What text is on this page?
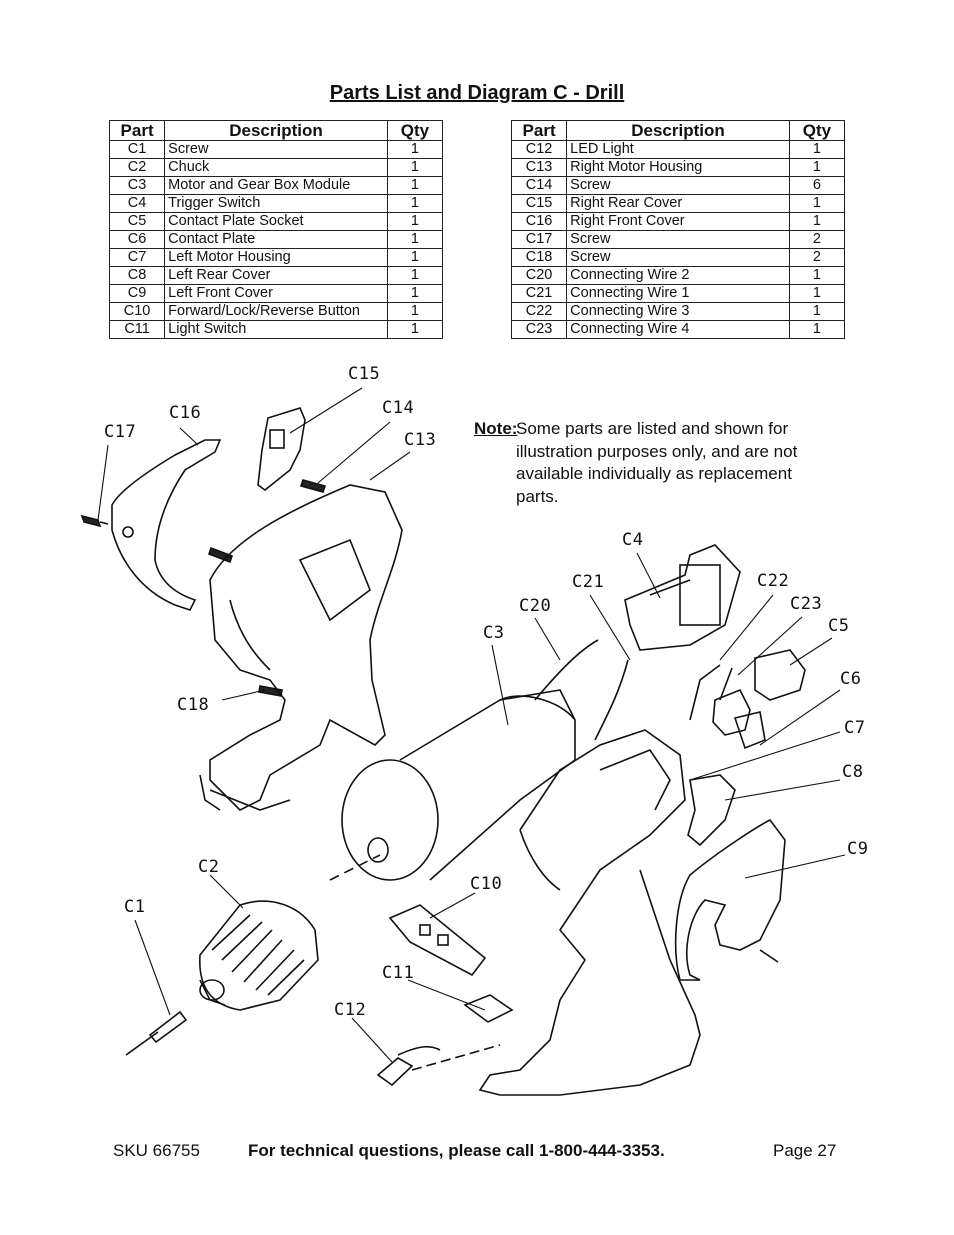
Parts List and Diagram C - Drill
Part	Description	Qty
C1	Screw	1
C2	Chuck	1
C3	Motor and Gear Box Module	1
C4	Trigger Switch	1
C5	Contact Plate Socket	1
C6	Contact Plate	1
C7	Left Motor Housing	1
C8	Left Rear Cover	1
C9	Left Front Cover	1
C10	Forward/Lock/Reverse Button	1
C11	Light Switch	1
Part	Description	Qty
C12	LED Light	1
C13	Right Motor Housing	1
C14	Screw	6
C15	Right Rear Cover	1
C16	Right Front Cover	1
C17	Screw	2
C18	Screw	2
C20	Connecting Wire 2	1
C21	Connecting Wire 1	1
C22	Connecting Wire 3	1
C23	Connecting Wire 4	1
Note:
Some parts are listed and shown for illustration purposes only, and are not available individually as replacement parts.
C1
C2
C3
C4
C5
C6
C7
C8
C9
C10
C11
C12
C13
C14
C15
C16
C17
C18
C20
C21	C22
C23
SKU 66755	For technical questions, please call 1-800-444-3353.	Page 27
